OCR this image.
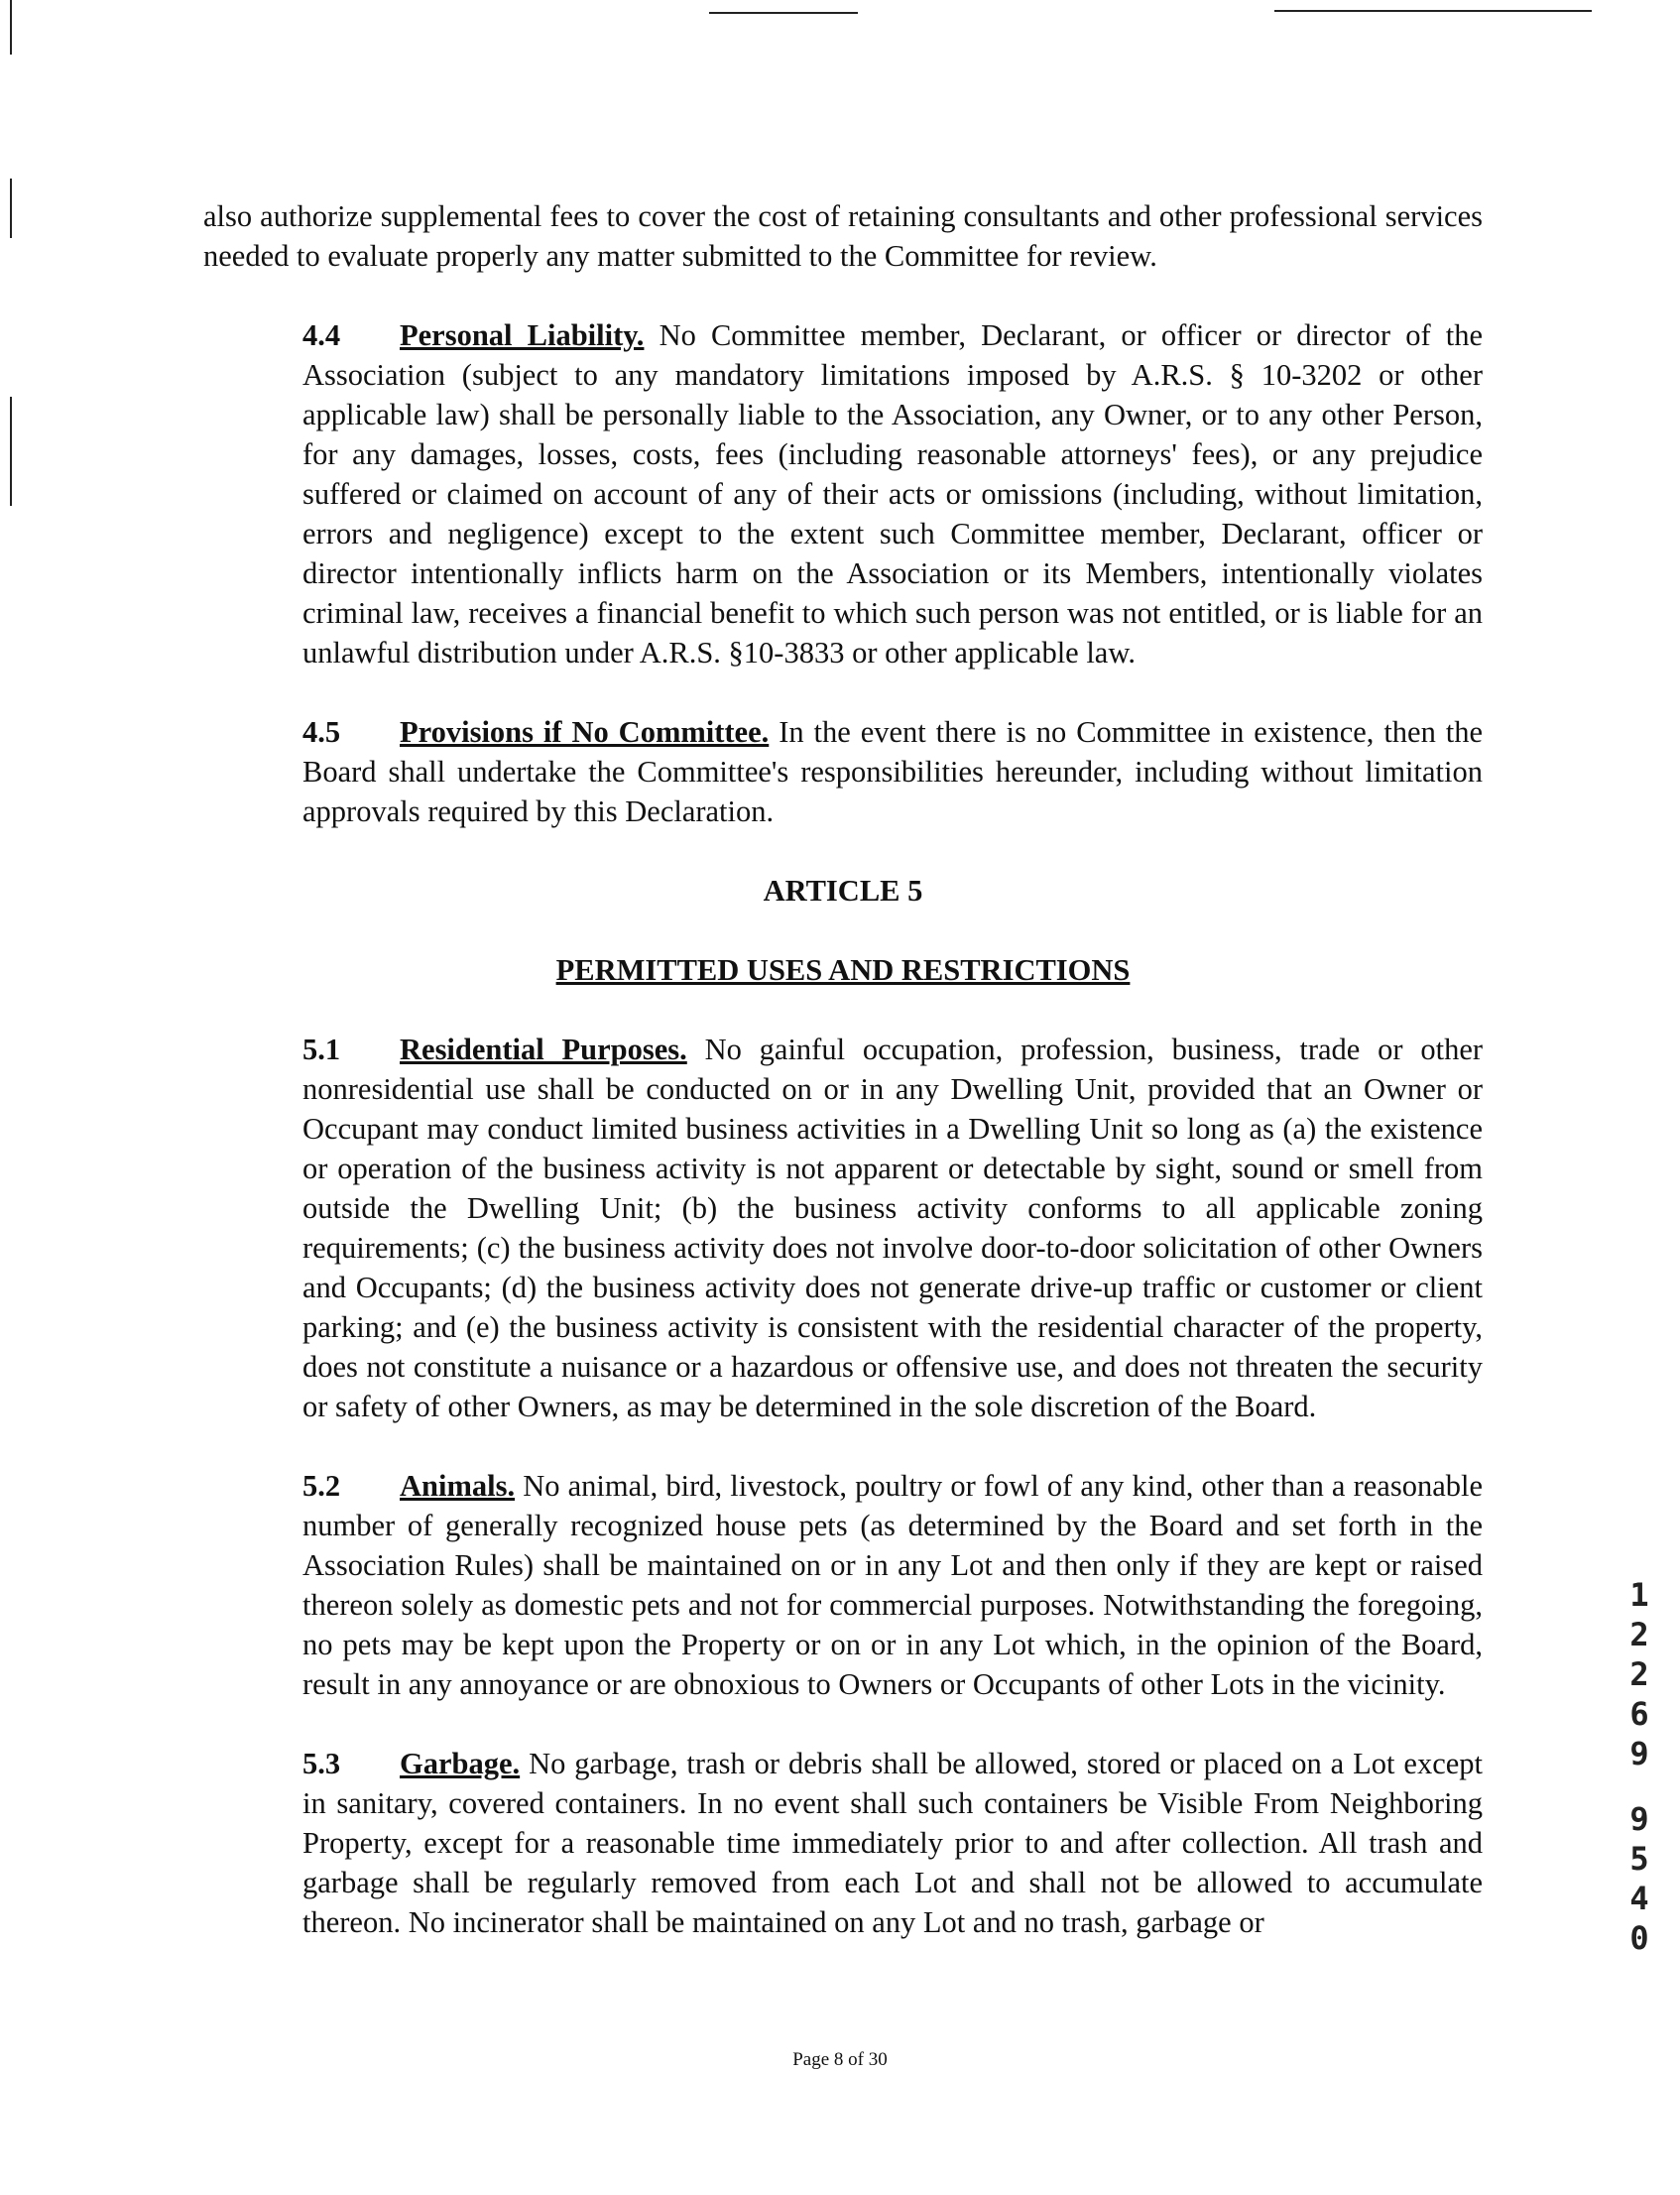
also authorize supplemental fees to cover the cost of retaining consultants and other professional services needed to evaluate properly any matter submitted to the Committee for review.

4.4 Personal Liability. No Committee member, Declarant, or officer or director of the Association (subject to any mandatory limitations imposed by A.R.S. § 10-3202 or other applicable law) shall be personally liable to the Association, any Owner, or to any other Person, for any damages, losses, costs, fees (including reasonable attorneys' fees), or any prejudice suffered or claimed on account of any of their acts or omissions (including, without limitation, errors and negligence) except to the extent such Committee member, Declarant, officer or director intentionally inflicts harm on the Association or its Members, intentionally violates criminal law, receives a financial benefit to which such person was not entitled, or is liable for an unlawful distribution under A.R.S. §10-3833 or other applicable law.

4.5 Provisions if No Committee. In the event there is no Committee in existence, then the Board shall undertake the Committee's responsibilities hereunder, including without limitation approvals required by this Declaration.

ARTICLE 5
PERMITTED USES AND RESTRICTIONS

5.1 Residential Purposes. No gainful occupation, profession, business, trade or other nonresidential use shall be conducted on or in any Dwelling Unit, provided that an Owner or Occupant may conduct limited business activities in a Dwelling Unit so long as (a) the existence or operation of the business activity is not apparent or detectable by sight, sound or smell from outside the Dwelling Unit; (b) the business activity conforms to all applicable zoning requirements; (c) the business activity does not involve door-to-door solicitation of other Owners and Occupants; (d) the business activity does not generate drive-up traffic or customer or client parking; and (e) the business activity is consistent with the residential character of the property, does not constitute a nuisance or a hazardous or offensive use, and does not threaten the security or safety of other Owners, as may be determined in the sole discretion of the Board.

5.2 Animals. No animal, bird, livestock, poultry or fowl of any kind, other than a reasonable number of generally recognized house pets (as determined by the Board and set forth in the Association Rules) shall be maintained on or in any Lot and then only if they are kept or raised thereon solely as domestic pets and not for commercial purposes. Notwithstanding the foregoing, no pets may be kept upon the Property or on or in any Lot which, in the opinion of the Board, result in any annoyance or are obnoxious to Owners or Occupants of other Lots in the vicinity.

5.3 Garbage. No garbage, trash or debris shall be allowed, stored or placed on a Lot except in sanitary, covered containers. In no event shall such containers be Visible From Neighboring Property, except for a reasonable time immediately prior to and after collection. All trash and garbage shall be regularly removed from each Lot and shall not be allowed to accumulate thereon. No incinerator shall be maintained on any Lot and no trash, garbage or

1
2
2
6
9
9
5
4
0
Page 8 of 30
